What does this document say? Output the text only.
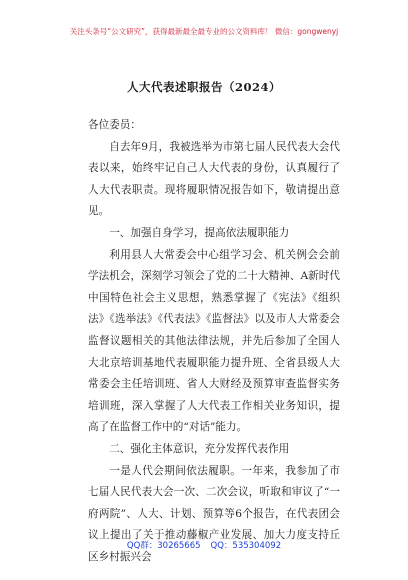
关注头条号“公文研究”，获得最新最全最专业的公文资料库！ 微信：gongwenyj
人大代表述职报告（2024）

各位委员：

自去年9月，我被选举为市第七届人民代表大会代表以来，始终牢记自己人大代表的身份，认真履行了人大代表职责。现将履职情况报告如下，敬请提出意见。

一、加强自身学习，提高依法履职能力

利用县人大常委会中心组学习会、机关例会会前学法机会，深刻学习领会了党的二十大精神、A新时代中国特色社会主义思想，熟悉掌握了《宪法》《组织法》《选举法》《代表法》《监督法》以及市人大常委会监督议题相关的其他法律法规，并先后参加了全国人大北京培训基地代表履职能力提升班、全省县级人大常委会主任培训班、省人大财经及预算审查监督实务培训班，深入掌握了人大代表工作相关业务知识，提高了在监督工作中的“对话”能力。

二、强化主体意识，充分发挥代表作用

一是人代会期间依法履职。一年来，我参加了市七届人民代表大会一次、二次会议，听取和审议了“一府两院”、人大、计划、预算等6个报告，在代表团会议上提出了关于推动藤椒产业发展、加大力度支持丘区乡村振兴会

QQ群：30265665 QQ：535304092
